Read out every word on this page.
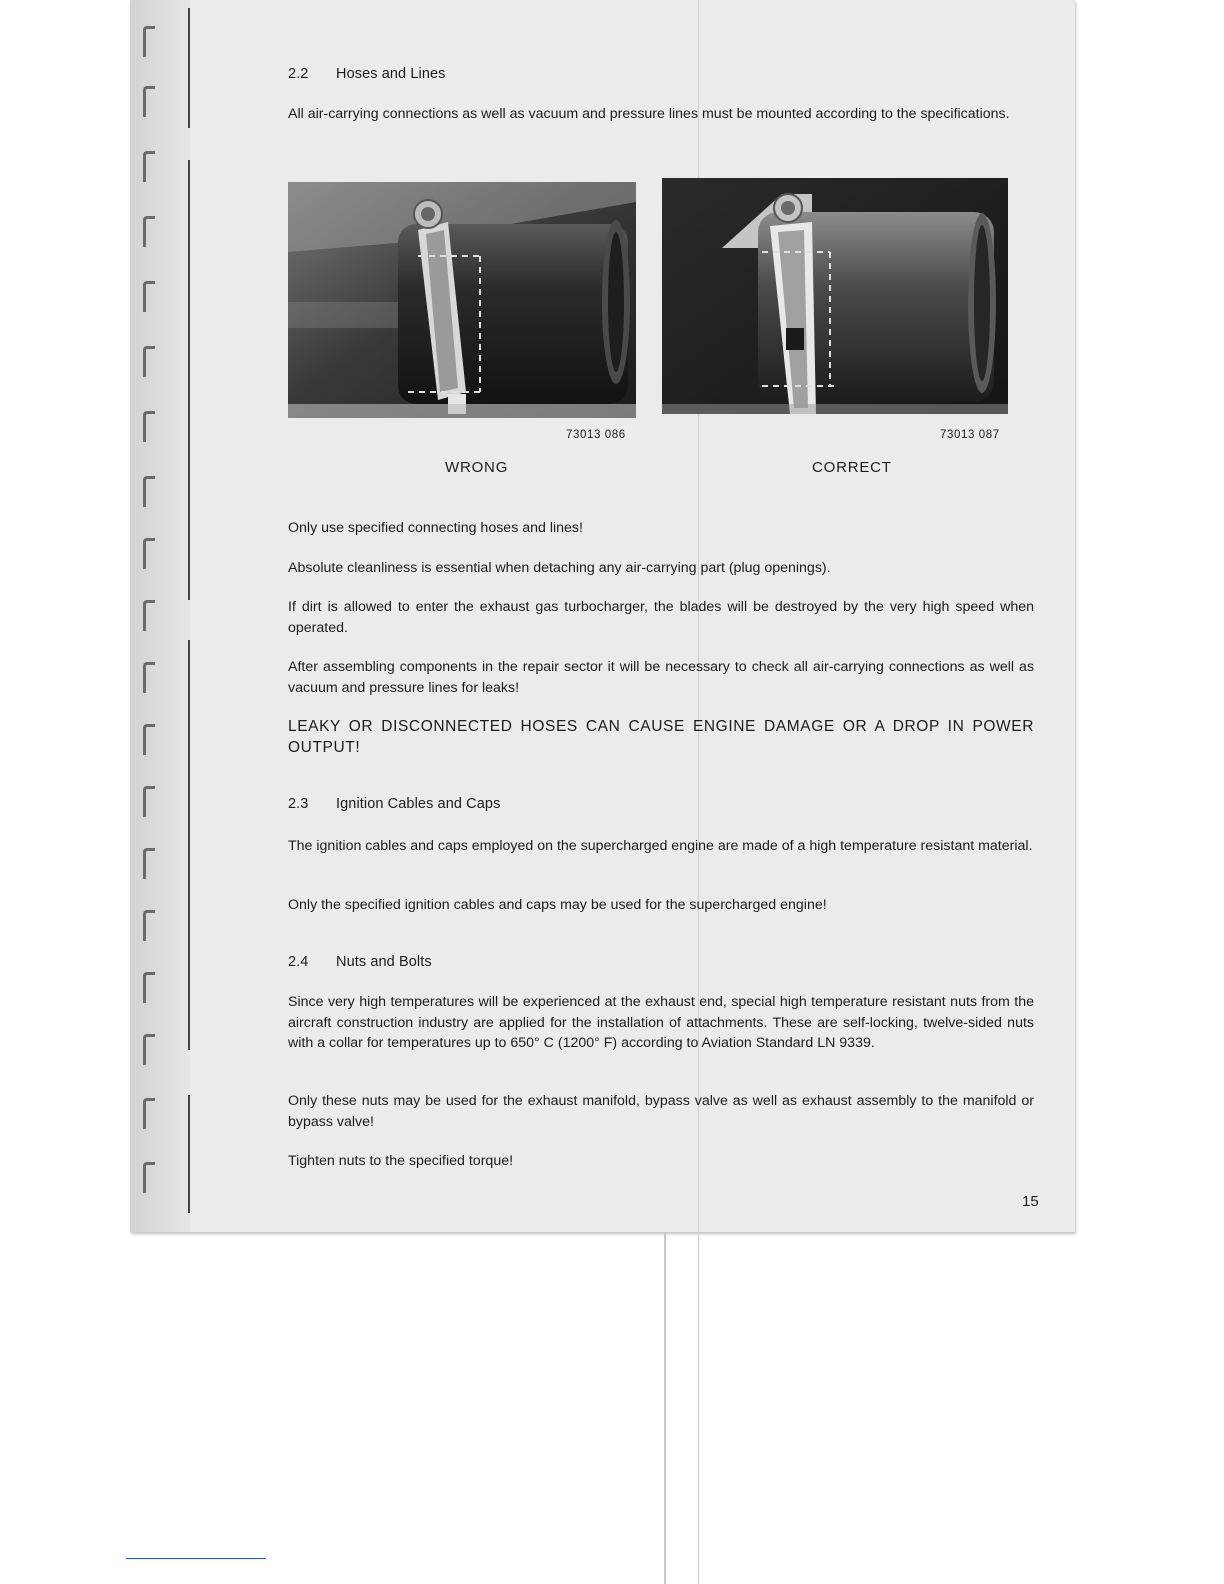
2.2 Hoses and Lines

All air-carrying connections as well as vacuum and pressure lines must be mounted according to the specifications.

73013 086
WRONG
73013 087
CORRECT

Only use specified connecting hoses and lines!

Absolute cleanliness is essential when detaching any air-carrying part (plug openings).

If dirt is allowed to enter the exhaust gas turbocharger, the blades will be destroyed by the very high speed when operated.

After assembling components in the repair sector it will be necessary to check all air-carrying connections as well as vacuum and pressure lines for leaks!

LEAKY OR DISCONNECTED HOSES CAN CAUSE ENGINE DAMAGE OR A DROP IN POWER OUTPUT!

2.3 Ignition Cables and Caps

The ignition cables and caps employed on the supercharged engine are made of a high temperature resistant material.

Only the specified ignition cables and caps may be used for the supercharged engine!

2.4 Nuts and Bolts

Since very high temperatures will be experienced at the exhaust end, special high temperature resistant nuts from the aircraft construction industry are applied for the installation of attachments. These are self-locking, twelve-sided nuts with a collar for temperatures up to 650° C (1200° F) according to Aviation Standard LN 9339.

Only these nuts may be used for the exhaust manifold, bypass valve as well as exhaust assembly to the manifold or bypass valve!

Tighten nuts to the specified torque!

15
